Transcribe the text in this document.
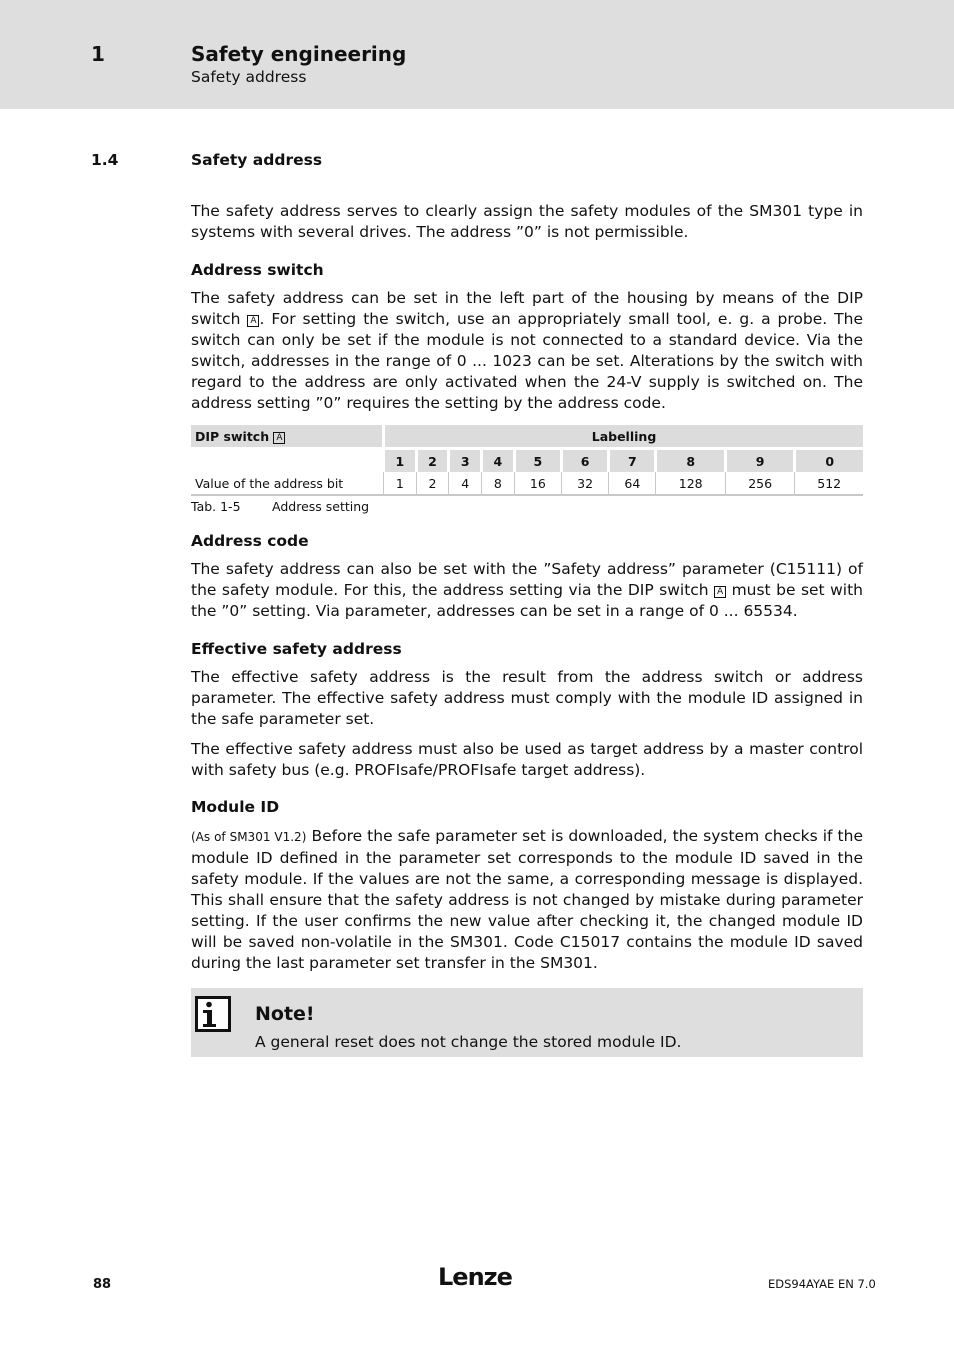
1	Safety engineering
Safety address
1.4	Safety address

The safety address serves to clearly assign the safety modules of the SM301 type in systems with several drives. The address ”0” is not permissible.

Address switch

The safety address can be set in the left part of the housing by means of the DIP switch A . For setting the switch, use an appropriately small tool, e. g. a probe. The switch can only be set if the module is not connected to a standard device. Via the switch, addresses in the range of 0 ... 1023 can be set. Alterations by the switch with regard to the address are only activated when the 24-V supply is switched on. The address setting ”0” requires the setting by the address code.

DIP switch A	Labelling									
	1	2	3	4	5	6	7	8	9	0
Value of the address bit	1	2	4	8	16	32	64	128	256	512
Tab. 1-5	Address setting
Address code

The safety address can also be set with the ”Safety address” parameter (C15111) of the safety module. For this, the address setting via the DIP switch A must be set with the ”0” setting. Via parameter, addresses can be set in a range of 0 ... 65534.

Effective safety address

The effective safety address is the result from the address switch or address parameter. The effective safety address must comply with the module ID assigned in the safe parameter set.

The effective safety address must also be used as target address by a master control with safety bus (e.g. PROFIsafe/PROFIsafe target address).

Module ID

(As of SM301 V1.2) Before the safe parameter set is downloaded, the system checks if the module ID defined in the parameter set corresponds to the module ID saved in the safety module. If the values are not the same, a corresponding message is displayed. This shall ensure that the safety address is not changed by mistake during parameter setting. If the user confirms the new value after checking it, the changed module ID will be saved non-volatile in the SM301. Code C15017 contains the module ID saved during the last parameter set transfer in the SM301.

Note!
A general reset does not change the stored module ID.
88	Lenze	EDS94AYAE EN 7.0
